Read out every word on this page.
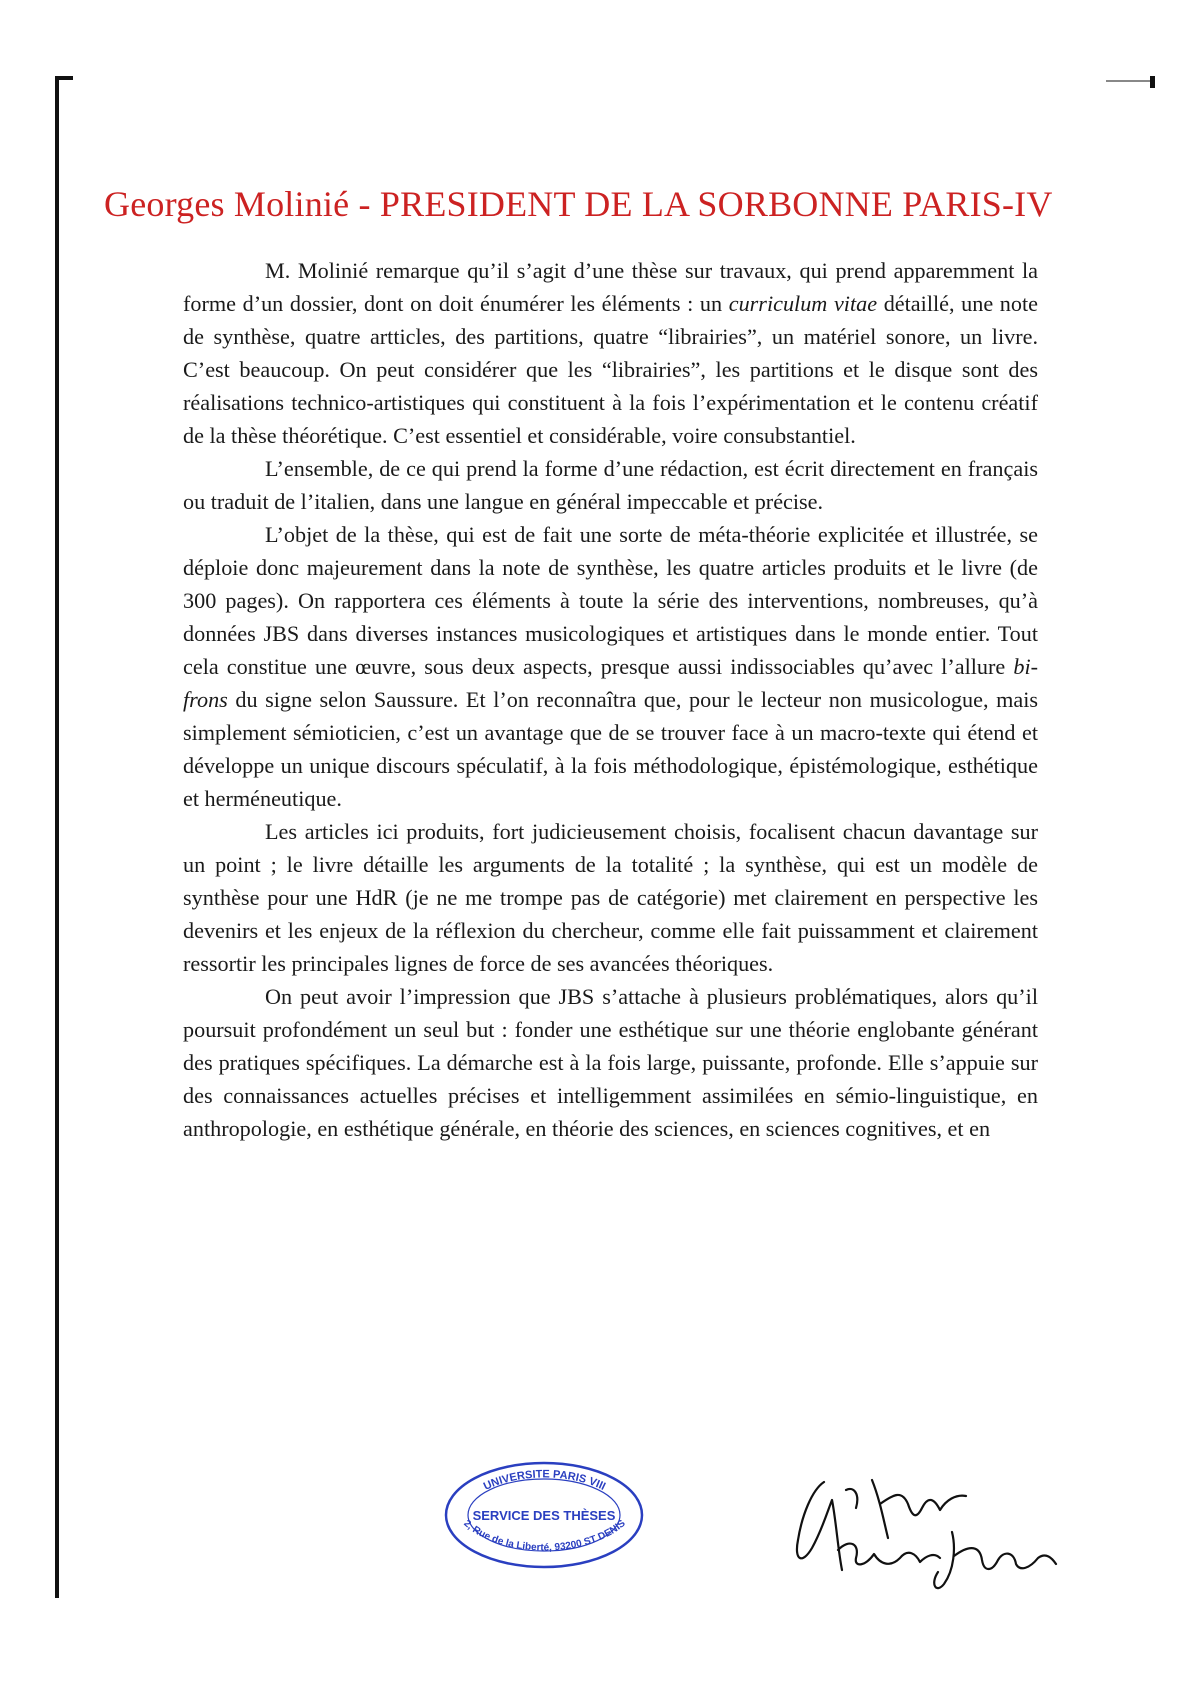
Georges Molinié - PRESIDENT DE LA SORBONNE PARIS-IV

M. Molinié remarque qu’il s’agit d’une thèse sur travaux, qui prend apparemment la forme d’un dossier, dont on doit énumérer les éléments : un curriculum vitae détaillé, une note de synthèse, quatre artticles, des partitions, quatre “librairies”, un matériel sonore, un livre. C’est beaucoup. On peut considérer que les “librairies”, les partitions et le disque sont des réalisations technico-artistiques qui constituent à la fois l’expérimentation et le contenu créatif de la thèse théorétique. C’est essentiel et considérable, voire consubstantiel.

L’ensemble, de ce qui prend la forme d’une rédaction, est écrit directement en français ou traduit de l’italien, dans une langue en général impeccable et précise.

L’objet de la thèse, qui est de fait une sorte de méta-théorie explicitée et illustrée, se déploie donc majeurement dans la note de synthèse, les quatre articles produits et le livre (de 300 pages). On rapportera ces éléments à toute la série des interventions, nombreuses, qu’à données JBS dans diverses instances musicologiques et artistiques dans le monde entier. Tout cela constitue une œuvre, sous deux aspects, presque aussi indissociables qu’avec l’allure bi-frons du signe selon Saussure. Et l’on reconnaîtra que, pour le lecteur non musicologue, mais simplement sémioticien, c’est un avantage que de se trouver face à un macro-texte qui étend et développe un unique discours spéculatif, à la fois méthodologique, épistémologique, esthétique et herméneutique.

Les articles ici produits, fort judicieusement choisis, focalisent chacun davantage sur un point ; le livre détaille les arguments de la totalité ; la synthèse, qui est un modèle de synthèse pour une HdR (je ne me trompe pas de catégorie) met clairement en perspective les devenirs et les enjeux de la réflexion du chercheur, comme elle fait puissamment et clairement ressortir les principales lignes de force de ses avancées théoriques.

On peut avoir l’impression que JBS s’attache à plusieurs problématiques, alors qu’il poursuit profondément un seul but : fonder une esthétique sur une théorie englobante générant des pratiques spécifiques. La démarche est à la fois large, puissante, profonde. Elle s’appuie sur des connaissances actuelles précises et intelligemment assimilées en sémio-linguistique, en anthropologie, en esthétique générale, en théorie des sciences, en sciences cognitives, et en

UNIVERSITE PARIS VIII
SERVICE DES THÈSES
2, Rue de la Liberté, 93200 ST DENIS
